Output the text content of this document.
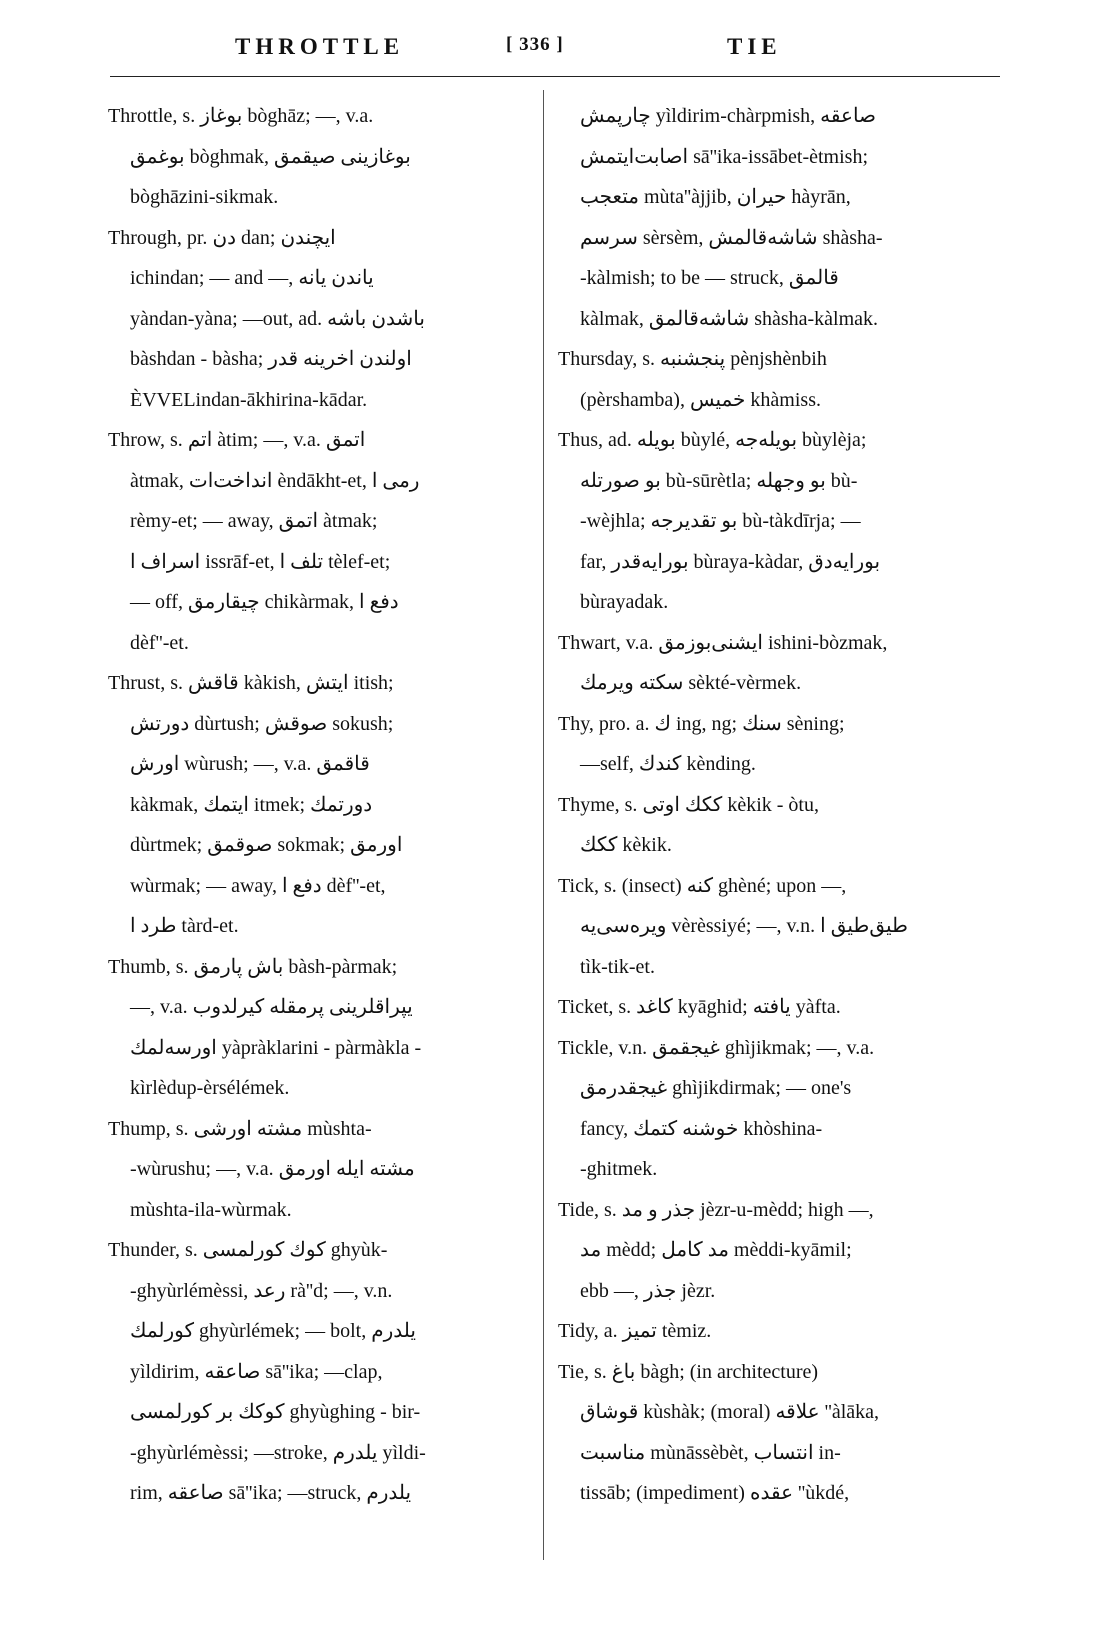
THROTTLE	[ 336 ]	TIE
Throttle, s. بوغاز bòghāz; —, v.a.
بوغمق bòghmak, بوغازینی صیقمق
bòghāzini-sikmak.
Through, pr. دن dan; ایچندن
ichindan; — and —, یاندن یانه
yàndan-yàna; —out, ad. باشدن باشه
bàshdan - bàsha; اولندن اخرینه قدر
ÈVVELindan-ākhirina-kādar.
Throw, s. اتم àtim; —, v.a. اتمق
àtmak, انداخت‌ات èndākht-et, رمی ا
rèmy-et; — away, اتمق àtmak;
اسراف ا issrāf-et, تلف ا tèlef-et;
— off, چیقارمق chikàrmak, دفع ا
dèf''-et.
Thrust, s. قاقش kàkish, ایتش itish;
دورتش dùrtush; صوقش sokush;
اورش wùrush; —, v.a. قاقمق
kàkmak, ایتمك itmek; دورتمك
dùrtmek; صوقمق sokmak; اورمق
wùrmak; — away, دفع ا dèf''-et,
طرد ا tàrd-et.
Thumb, s. باش پارمق bàsh-pàrmak;
—, v.a. یپراقلرینی پرمقله کیرلدوب
اورسه‌لمك yàpràklarini - pàrmàkla -
kìrlèdup-èrsélémek.
Thump, s. مشته اورشی mùshta-
-wùrushu; —, v.a. مشته ایله اورمق
mùshta-ila-wùrmak.
Thunder, s. کوك کورلمسی ghyùk-
-ghyùrlémèssi, رعد rà''d; —, v.n.
کورلمك ghyùrlémek; — bolt, یلدرم
yìldirim, صاعقه sā''ika; —clap,
کوکك بر کورلمسی ghyùghing - bir-
-ghyùrlémèssi; —stroke, یلدرم yìldi-
rim, صاعقه sā''ika; —struck, یلدرم
چارپمش yìldirim-chàrpmish, صاعقه
اصابت‌ایتمش sā''ika-issābet-ètmish;
متعجب mùta''àjjib, حیران hàyrān,
سرسم sèrsèm, شاشه‌قالمش shàsha-
-kàlmish; to be — struck, قالمق
kàlmak, شاشه‌قالمق shàsha-kàlmak.
Thursday, s. پنجشنبه pènjshènbih
(pèrshamba), خمیس khàmiss.
Thus, ad. بویله bùylé, بویله‌جه bùylèja;
بو صورتله bù-sūrètla; بو وجهله bù-
-wèjhla; بو تقدیرجه bù-tàkdīrja; —
far, بورایه‌قدر bùraya-kàdar, بورایه‌دق
bùrayadak.
Thwart, v.a. ایشنی‌بوزمق ishini-bòzmak,
سکته ویرمك sèkté-vèrmek.
Thy, pro. a. ك ing, ng; سنك sèning;
—self, کندك kènding.
Thyme, s. ککك اوتی kèkik - òtu,
ککك kèkik.
Tick, s. (insect) کنه ghèné; upon —,
ویره‌سی‌یه vèrèssiyé; —, v.n. طیق‌طیق ا
tìk-tik-et.
Ticket, s. کاغد kyāghid; یافته yàfta.
Tickle, v.n. غیجقمق ghìjikmak; —, v.a.
غیجقدرمق ghìjikdirmak; — one's
fancy, خوشنه کتمك khòshina-
-ghitmek.
Tide, s. جذر و مد jèzr-u-mèdd; high —,
مد mèdd; مد کامل mèddi-kyāmil;
ebb —, جذر jèzr.
Tidy, a. تمیز tèmiz.
Tie, s. باغ bàgh; (in architecture)
قوشاق kùshàk; (moral) علاقه ''àlāka,
مناسبت mùnāssèbèt, انتساب in-
tissāb; (impediment) عقده ''ùkdé,
